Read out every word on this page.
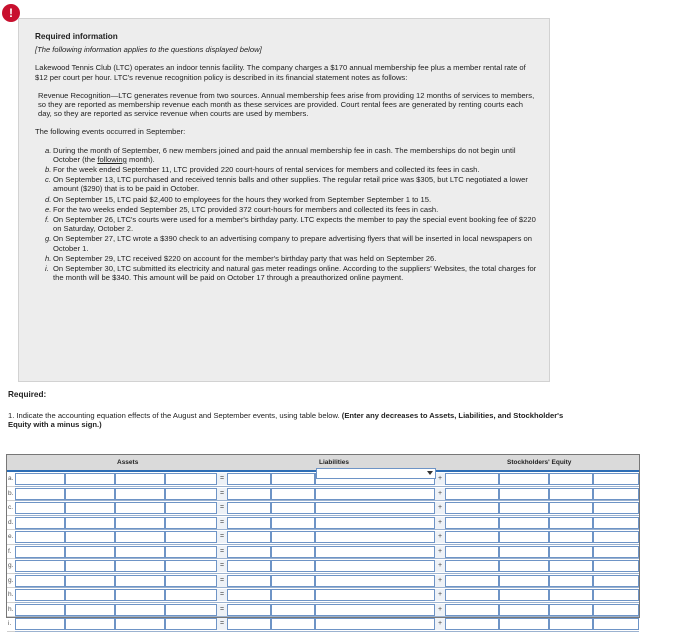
!
Required information
[The following information applies to the questions displayed below]
Lakewood Tennis Club (LTC) operates an indoor tennis facility. The company charges a $170 annual membership fee plus a member rental rate of $12 per court per hour. LTC's revenue recognition policy is described in its financial statement notes as follows:
Revenue Recognition—LTC generates revenue from two sources. Annual membership fees arise from providing 12 months of services to members, so they are reported as membership revenue each month as these services are provided. Court rental fees are generated by renting courts each day, so they are reported as service revenue when courts are used by members.
The following events occurred in September:
a. During the month of September, 6 new members joined and paid the annual membership fee in cash. The memberships do not begin until October (the following month).
b. For the week ended September 11, LTC provided 220 court-hours of rental services for members and collected its fees in cash.
c. On September 13, LTC purchased and received tennis balls and other supplies. The regular retail price was $305, but LTC negotiated a lower amount ($290) that is to be paid in October.
d. On September 15, LTC paid $2,400 to employees for the hours they worked from September September 1 to 15.
e. For the two weeks ended September 25, LTC provided 372 court-hours for members and collected its fees in cash.
f. On September 26, LTC's courts were used for a member's birthday party. LTC expects the member to pay the special event booking fee of $220 on Saturday, October 2.
g. On September 27, LTC wrote a $390 check to an advertising company to prepare advertising flyers that will be inserted in local newspapers on October 1.
h. On September 29, LTC received $220 on account for the member's birthday party that was held on September 26.
i. On September 30, LTC submitted its electricity and natural gas meter readings online. According to the suppliers' Websites, the total charges for the month will be $340. This amount will be paid on October 17 through a preauthorized online payment.
Required:
1. Indicate the accounting equation effects of the August and September events, using table below. (Enter any decreases to Assets, Liabilities, and Stockholder's Equity with a minus sign.)
Assets	Liabilities	Stockholders' Equity
a.	=	+
b.	=	+
c.	=	+
d.	=	+
e.	=	+
f.	=	+
g.	=	+
g.	=	+
h.	=	+
h.	=	+
i.	=	+
